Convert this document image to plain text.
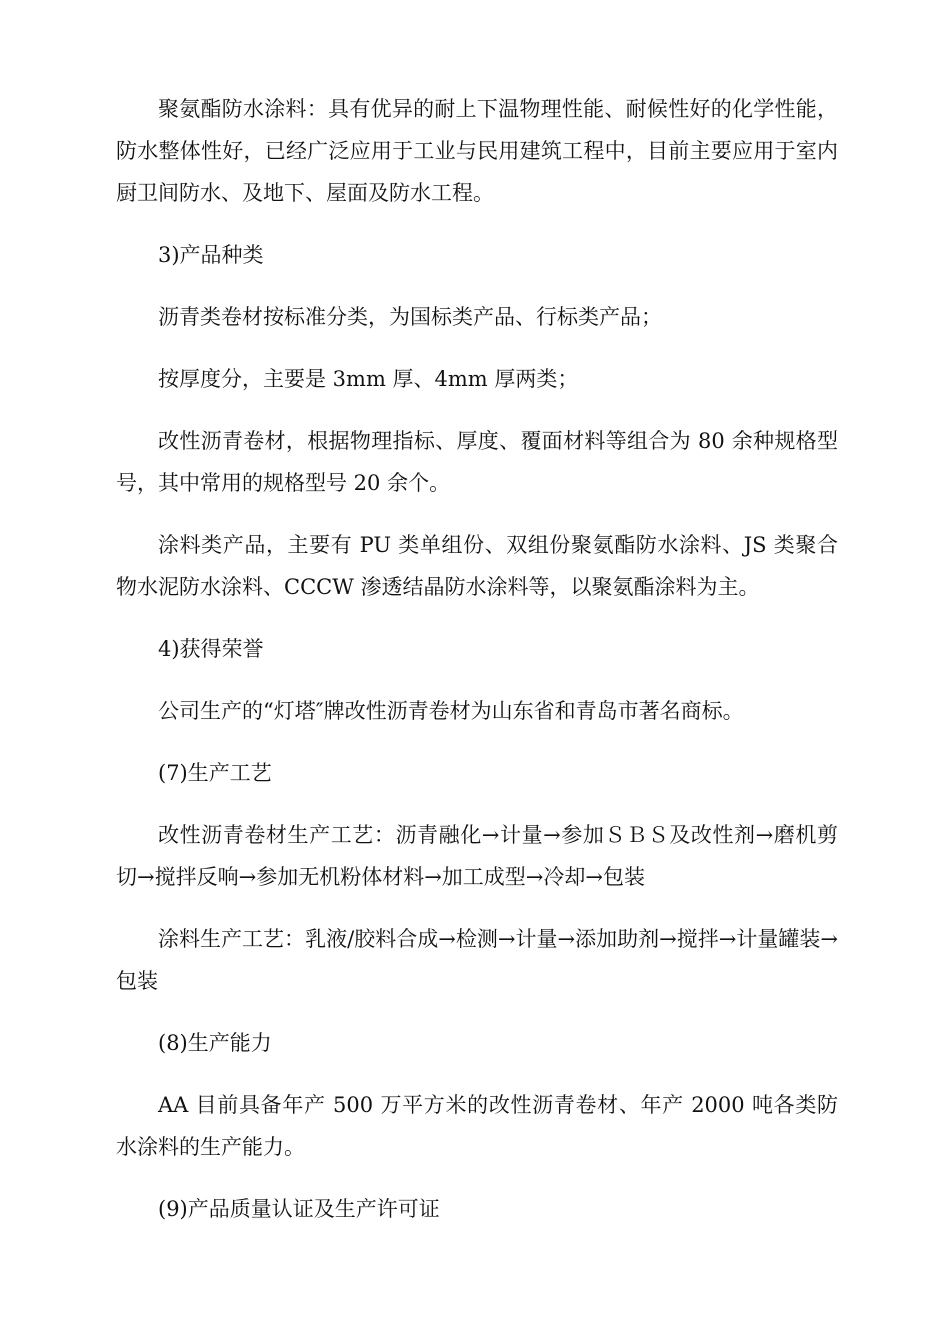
聚氨酯防水涂料：具有优异的耐上下温物理性能、耐候性好的化学性能，防水整体性好，已经广泛应用于工业与民用建筑工程中，目前主要应用于室内厨卫间防水、及地下、屋面及防水工程。

3)产品种类

沥青类卷材按标准分类，为国标类产品、行标类产品；

按厚度分，主要是 3mm 厚、4mm 厚两类；

改性沥青卷材，根据物理指标、厚度、覆面材料等组合为 80 余种规格型号，其中常用的规格型号 20 余个。

涂料类产品，主要有 PU 类单组份、双组份聚氨酯防水涂料、JS 类聚合物水泥防水涂料、CCCW 渗透结晶防水涂料等，以聚氨酯涂料为主。

4)获得荣誉

公司生产的“灯塔″牌改性沥青卷材为山东省和青岛市著名商标。

(7)生产工艺

改性沥青卷材生产工艺：沥青融化→计量→参加ＳＢＳ及改性剂→磨机剪切→搅拌反响→参加无机粉体材料→加工成型→冷却→包装

涂料生产工艺：乳液/胶料合成→检测→计量→添加助剂→搅拌→计量罐装→包装

(8)生产能力

AA 目前具备年产 500 万平方米的改性沥青卷材、年产 2000 吨各类防水涂料的生产能力。

(9)产品质量认证及生产许可证
